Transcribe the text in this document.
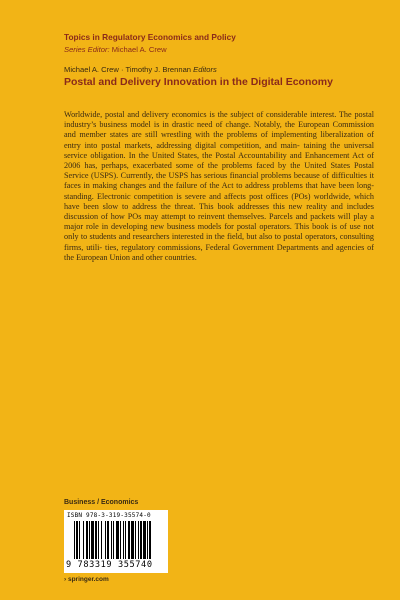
Topics in Regulatory Economics and Policy
Series Editor: Michael A. Crew
Michael A. Crew · Timothy J. Brennan Editors
Postal and Delivery Innovation in the Digital Economy
Worldwide, postal and delivery economics is the subject of considerable interest. The postal industry’s business model is in drastic need of change. Notably, the European Commission and member states are still wrestling with the problems of implementing liberalization of entry into postal markets, addressing digital competition, and main- taining the universal service obligation. In the United States, the Postal Accountability and Enhancement Act of 2006 has, perhaps, exacerbated some of the problems faced by the United States Postal Service (USPS). Currently, the USPS has serious financial problems because of difficulties it faces in making changes and the failure of the Act to address problems that have been long-standing. Electronic competition is severe and affects post offices (POs) worldwide, which have been slow to address the threat. This book addresses this new reality and includes discussion of how POs may attempt to reinvent themselves. Parcels and packets will play a major role in developing new business models for postal operators. This book is of use not only to students and researchers interested in the field, but also to postal operators, consulting firms, utili- ties, regulatory commissions, Federal Government Departments and agencies of the European Union and other countries.
Business / Economics
ISBN 978-3-319-35574-0
9 783319 355740
› springer.com
